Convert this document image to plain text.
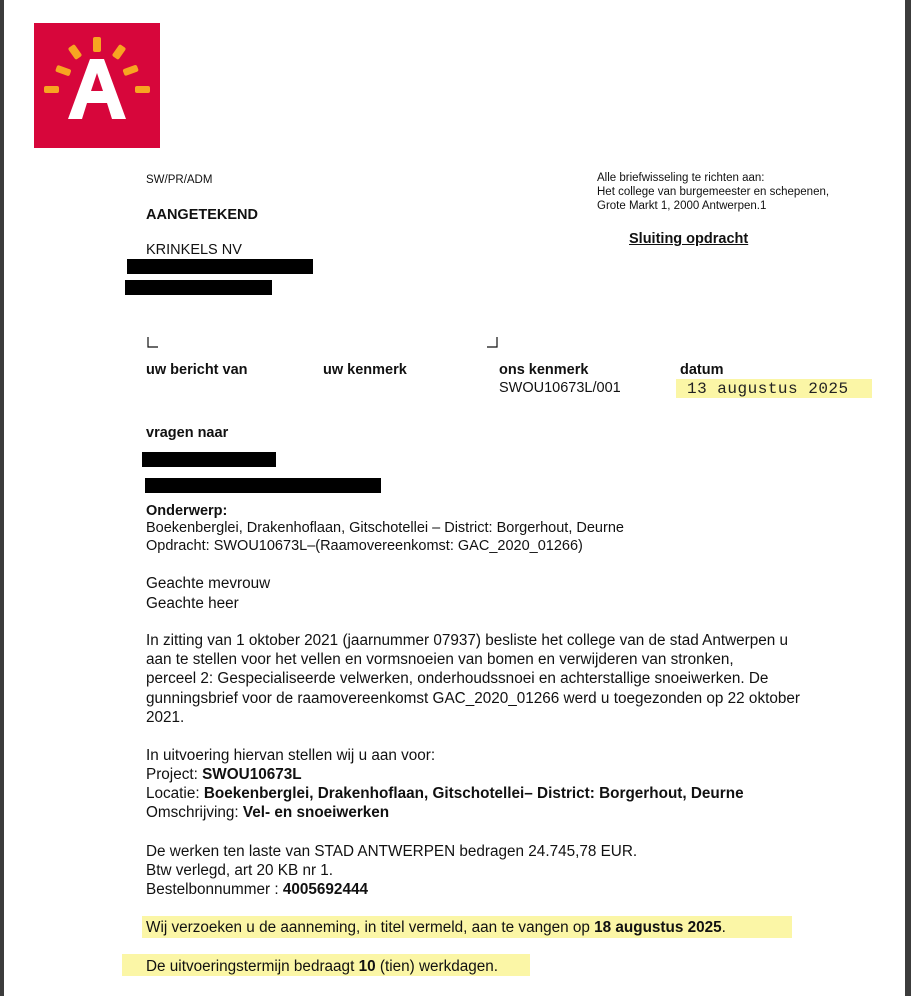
SW/PR/ADM
AANGETEKEND
KRINKELS NV
Alle briefwisseling te richten aan:
Het college van burgemeester en schepenen,
Grote Markt 1, 2000 Antwerpen.1
Sluiting opdracht
uw bericht van	uw kenmerk	ons kenmerk
SWOU10673L/001
datum
13 augustus 2025
vragen naar
Onderwerp:
Boekenberglei, Drakenhoflaan, Gitschotellei – District: Borgerhout, Deurne
Opdracht: SWOU10673L–(Raamovereenkomst: GAC_2020_01266)
Geachte mevrouw
Geachte heer
In zitting van 1 oktober 2021 (jaarnummer 07937) besliste het college van de stad Antwerpen u
aan te stellen voor het vellen en vormsnoeien van bomen en verwijderen van stronken,
perceel 2: Gespecialiseerde velwerken, onderhoudssnoei en achterstallige snoeiwerken. De
gunningsbrief voor de raamovereenkomst GAC_2020_01266 werd u toegezonden op 22 oktober
2021.
In uitvoering hiervan stellen wij u aan voor:
Project: SWOU10673L
Locatie: Boekenberglei, Drakenhoflaan, Gitschotellei– District: Borgerhout, Deurne
Omschrijving: Vel- en snoeiwerken
De werken ten laste van STAD ANTWERPEN bedragen 24.745,78 EUR.
Btw verlegd, art 20 KB nr 1.
Bestelbonnummer : 4005692444
Wij verzoeken u de aanneming, in titel vermeld, aan te vangen op 18 augustus 2025.
De uitvoeringstermijn bedraagt 10 (tien) werkdagen.
